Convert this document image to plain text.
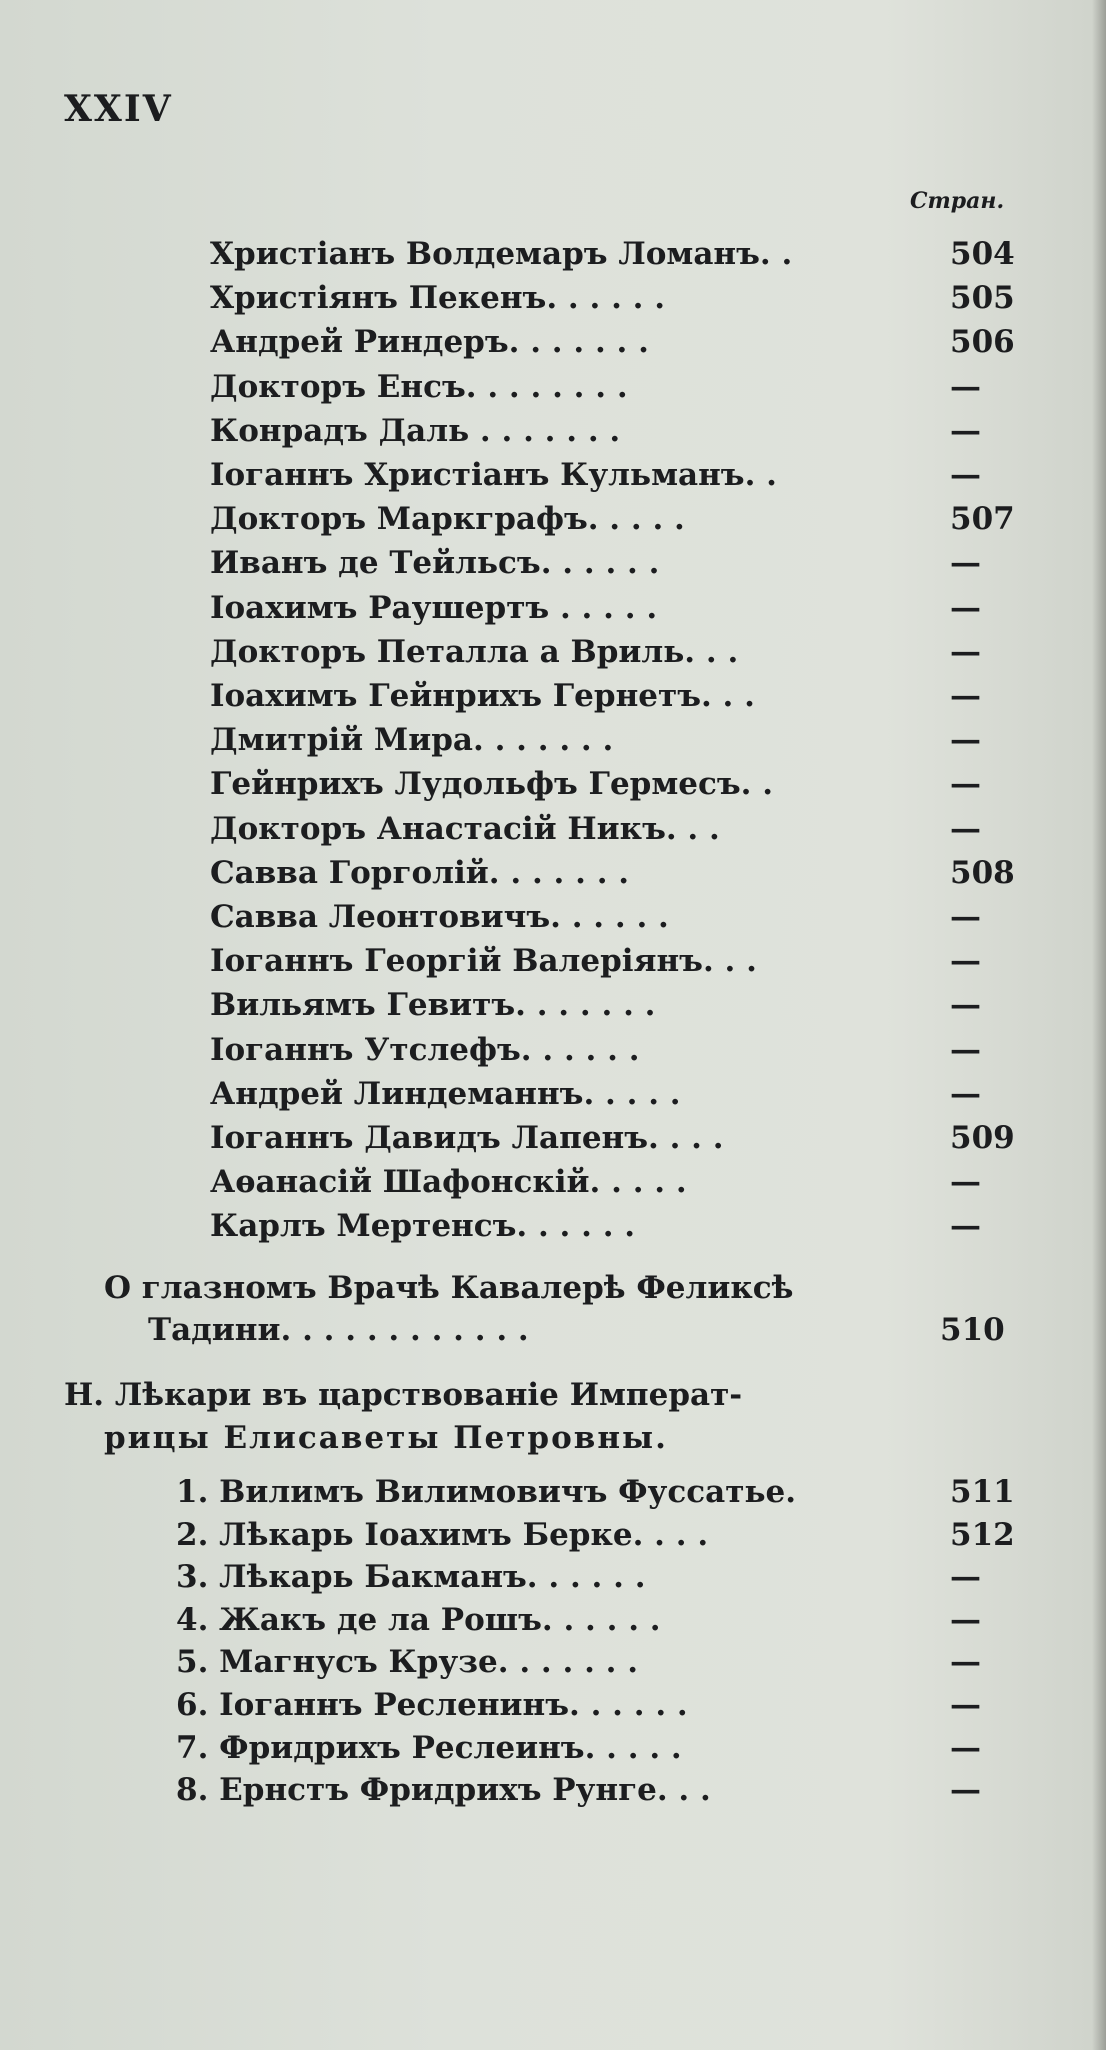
XXIV
Стран.
Христіанъ Волдемаръ Ломанъ. .	504
Христіянъ Пекенъ. . . . . .	505
Андрей Риндеръ. . . . . . .	506
Докторъ Енсъ. . . . . . . .	—
Конрадъ Даль . . . . . . .	—
Іоганнъ Христіанъ Кульманъ. .	—
Докторъ Маркграфъ. . . . .	507
Иванъ де Тейльсъ. . . . . .	—
Іоахимъ Раушертъ . . . . .	—
Докторъ Петалла а Вриль. . .	—
Іоахимъ Гейнрихъ Гернетъ. . .	—
Дмитрій Мира. . . . . . .	—
Гейнрихъ Лудольфъ Гермесъ. .	—
Докторъ Анастасій Никъ. . .	—
Савва Горголій. . . . . . .	508
Савва Леонтовичъ. . . . . .	—
Іоганнъ Георгій Валеріянъ. . .	—
Вильямъ Гевитъ. . . . . . .	—
Іоганнъ Утслефъ. . . . . .	—
Андрей Линдеманнъ. . . . .	—
Іоганнъ Давидъ Лапенъ. . . .	509
Аѳанасій Шафонскій. . . . .	—
Карлъ Мертенсъ. . . . . .	—
О глазномъ Врачѣ Кавалерѣ Феликсѣ
Тадини. . . . . . . . . . . .	510
Н. Лѣкари въ царствованіе Императ-
рицы Елисаветы Петровны.
1. Вилимъ Вилимовичъ Фуссатье.	511
2. Лѣкарь Іоахимъ Берке. . . .	512
3. Лѣкарь Бакманъ. . . . . .	—
4. Жакъ де ла Рошъ. . . . . .	—
5. Магнусъ Крузе. . . . . . .	—
6. Іоганнъ Ресленинъ. . . . . .	—
7. Фридрихъ Реслеинъ. . . . .	—
8. Ернстъ Фридрихъ Рунге. . .	—
